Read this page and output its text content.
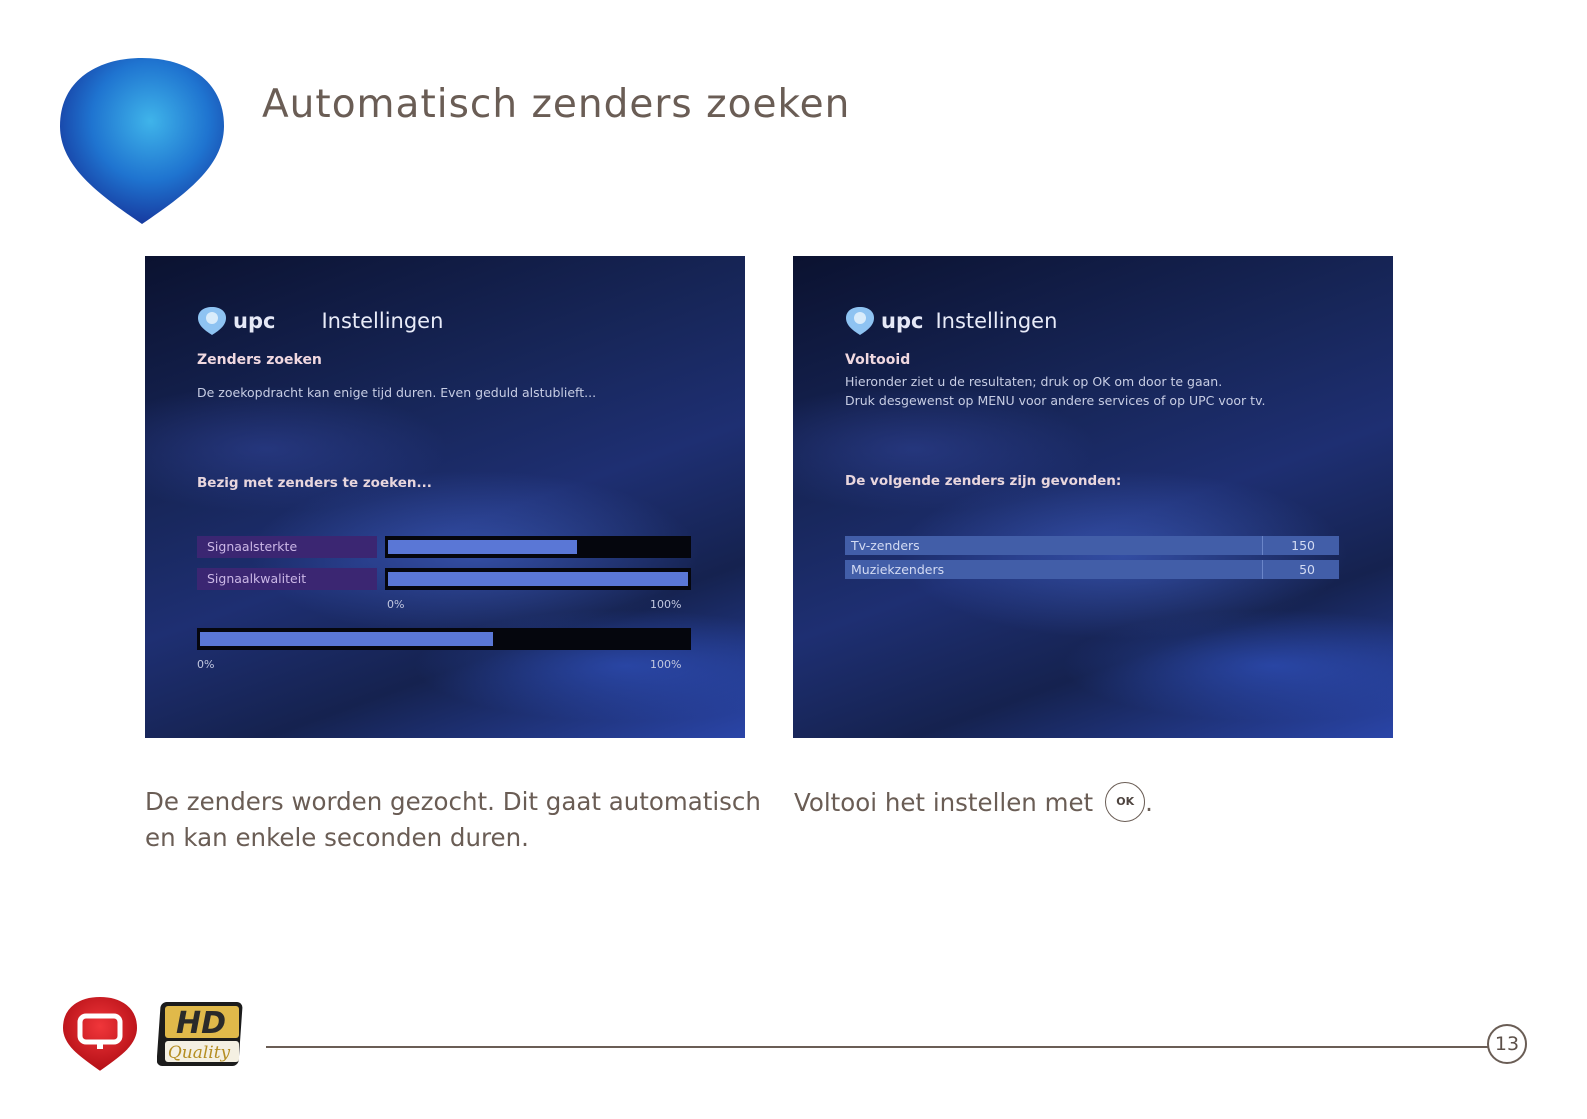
Automatisch zenders zoeken
upc Instellingen
Zenders zoeken
De zoekopdracht kan enige tijd duren. Even geduld alstublieft...
Bezig met zenders te zoeken...
Signaalsterkte
Signaalkwaliteit
0%	100%
0%	100%
upc Instellingen
Voltooid
Hieronder ziet u de resultaten; druk op OK om door te gaan.
Druk desgewenst op MENU voor andere services of op UPC voor tv.
De volgende zenders zijn gevonden:
Tv-zenders	150
Muziekzenders	50

De zenders worden gezocht. Dit gaat automatisch en kan enkele seconden duren.

Voltooi het instellen met	OK .

HD
Quality	13
